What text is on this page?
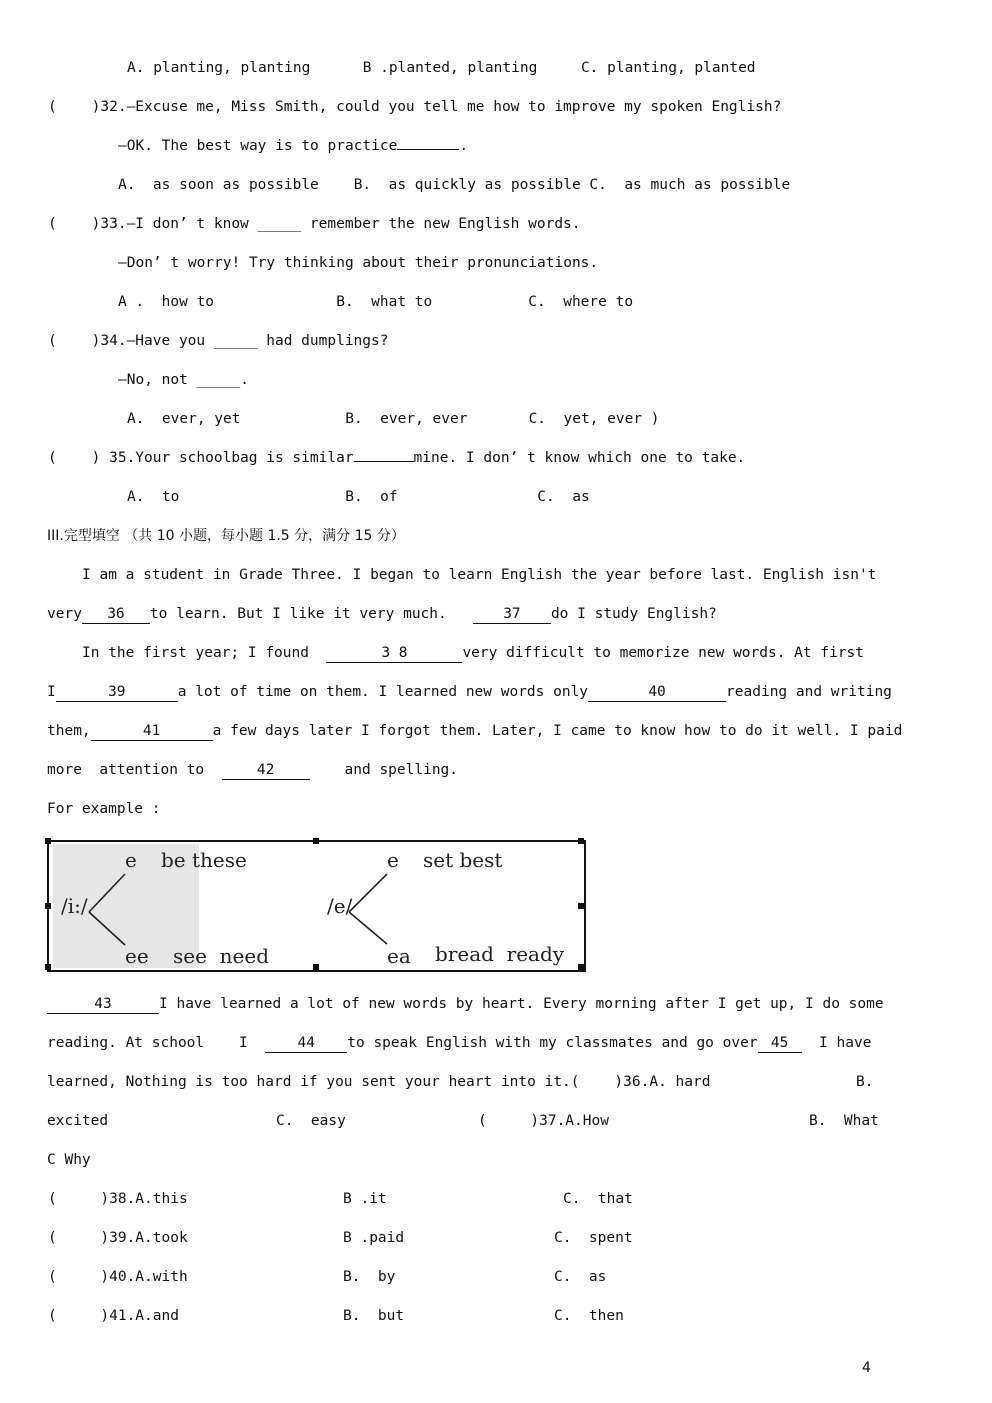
A. planting, planting      B .planted, planting     C. planting, planted
(    )32.—Excuse me, Miss Smith, could you tell me how to improve my spoken English?
—OK. The best way is to practice	.
A.  as soon as possible    B.  as quickly as possible C.  as much as possible
(    )33.—I don’ t know _____ remember the new English words.
—Don’ t worry! Try thinking about their pronunciations.
A .  how to              B.  what to           C.  where to
(    )34.—Have you _____ had dumplings?
—No, not _____.
A.  ever, yet            B.  ever, ever       C.  yet, ever )
(    ) 35.Your schoolbag is similar	mine. I don’ t know which one to take.
A.  to                   B.  of                C.  as
III.完型填空 （共 10 小题，每小题 1.5 分，满分 15 分）
I am a student in Grade Three. I began to learn English the year before last. English isn't
very 36 to learn. But I like it very much.	37 do I study English?
In the first year; I found	3 8	very difficult to memorize new words. At first
I	39	a lot of time on them. I learned new words only	40	reading and writing
them,	41	a few days later I forgot them. Later, I came to know how to do it well. I paid
more  attention to	42	and spelling.
For example :
/i:/
e be these
ee see  need
/e/
e set best
ea bread  ready
43	I have learned a lot of new words by heart. Every morning after I get up, I do some
reading. At school    I	44 to speak English with my classmates and go over 45 I have
learned, Nothing is too hard if you sent your heart into it.(    )36.A. hard	B.
excited	C.  easy	(     )37.A.How	B.  What
C Why
(     )38.A.this	B .it	C.  that
(     )39.A.took	B .paid	C.  spent
(     )40.A.with	B.  by	C.  as
(     )41.A.and	B.  but	C.  then
4
